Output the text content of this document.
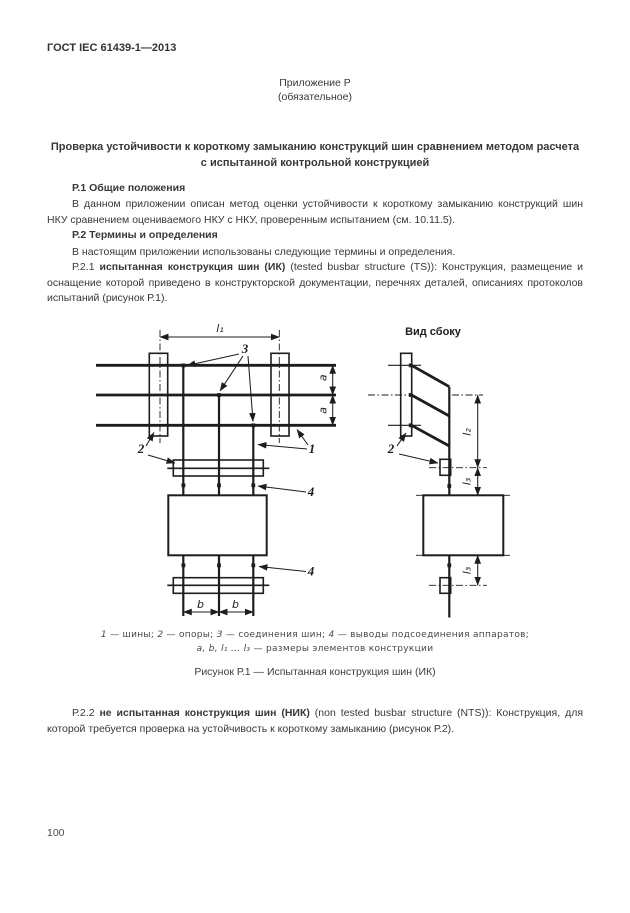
ГОСТ IEC 61439-1—2013
Приложение Р
(обязательное)
Проверка устойчивости к короткому замыканию конструкций шин сравнением методом расчета с испытанной контрольной конструкцией
Р.1 Общие положения
В данном приложении описан метод оценки устойчивости к короткому замыканию конструкций шин НКУ сравнением оцениваемого НКУ с НКУ, проверенным испытанием (см. 10.11.5).
Р.2 Термины и определения
В настоящим приложении использованы следующие термины и определения.
Р.2.1 испытанная конструкция шин (ИК) (tested busbar structure (TS)): Конструкция, размещение и оснащение которой приведено в конструкторской документации, перечнях деталей, описаниях протоколов испытаний (рисунок Р.1).
l₁
3
a
a
2	1
4
4
b	b
Вид сбоку
2
l₂
l₃
l₃
1 — шины; 2 — опоры; 3 — соединения шин; 4 — выводы подсоединения аппаратов;
a, b, l₁ ... l₃ — размеры элементов конструкции
Рисунок Р.1 — Испытанная конструкция шин (ИК)
Р.2.2 не испытанная конструкция шин (НИК) (non tested busbar structure (NTS)): Конструкция, для которой требуется проверка на устойчивость к короткому замыканию (рисунок Р.2).
100
